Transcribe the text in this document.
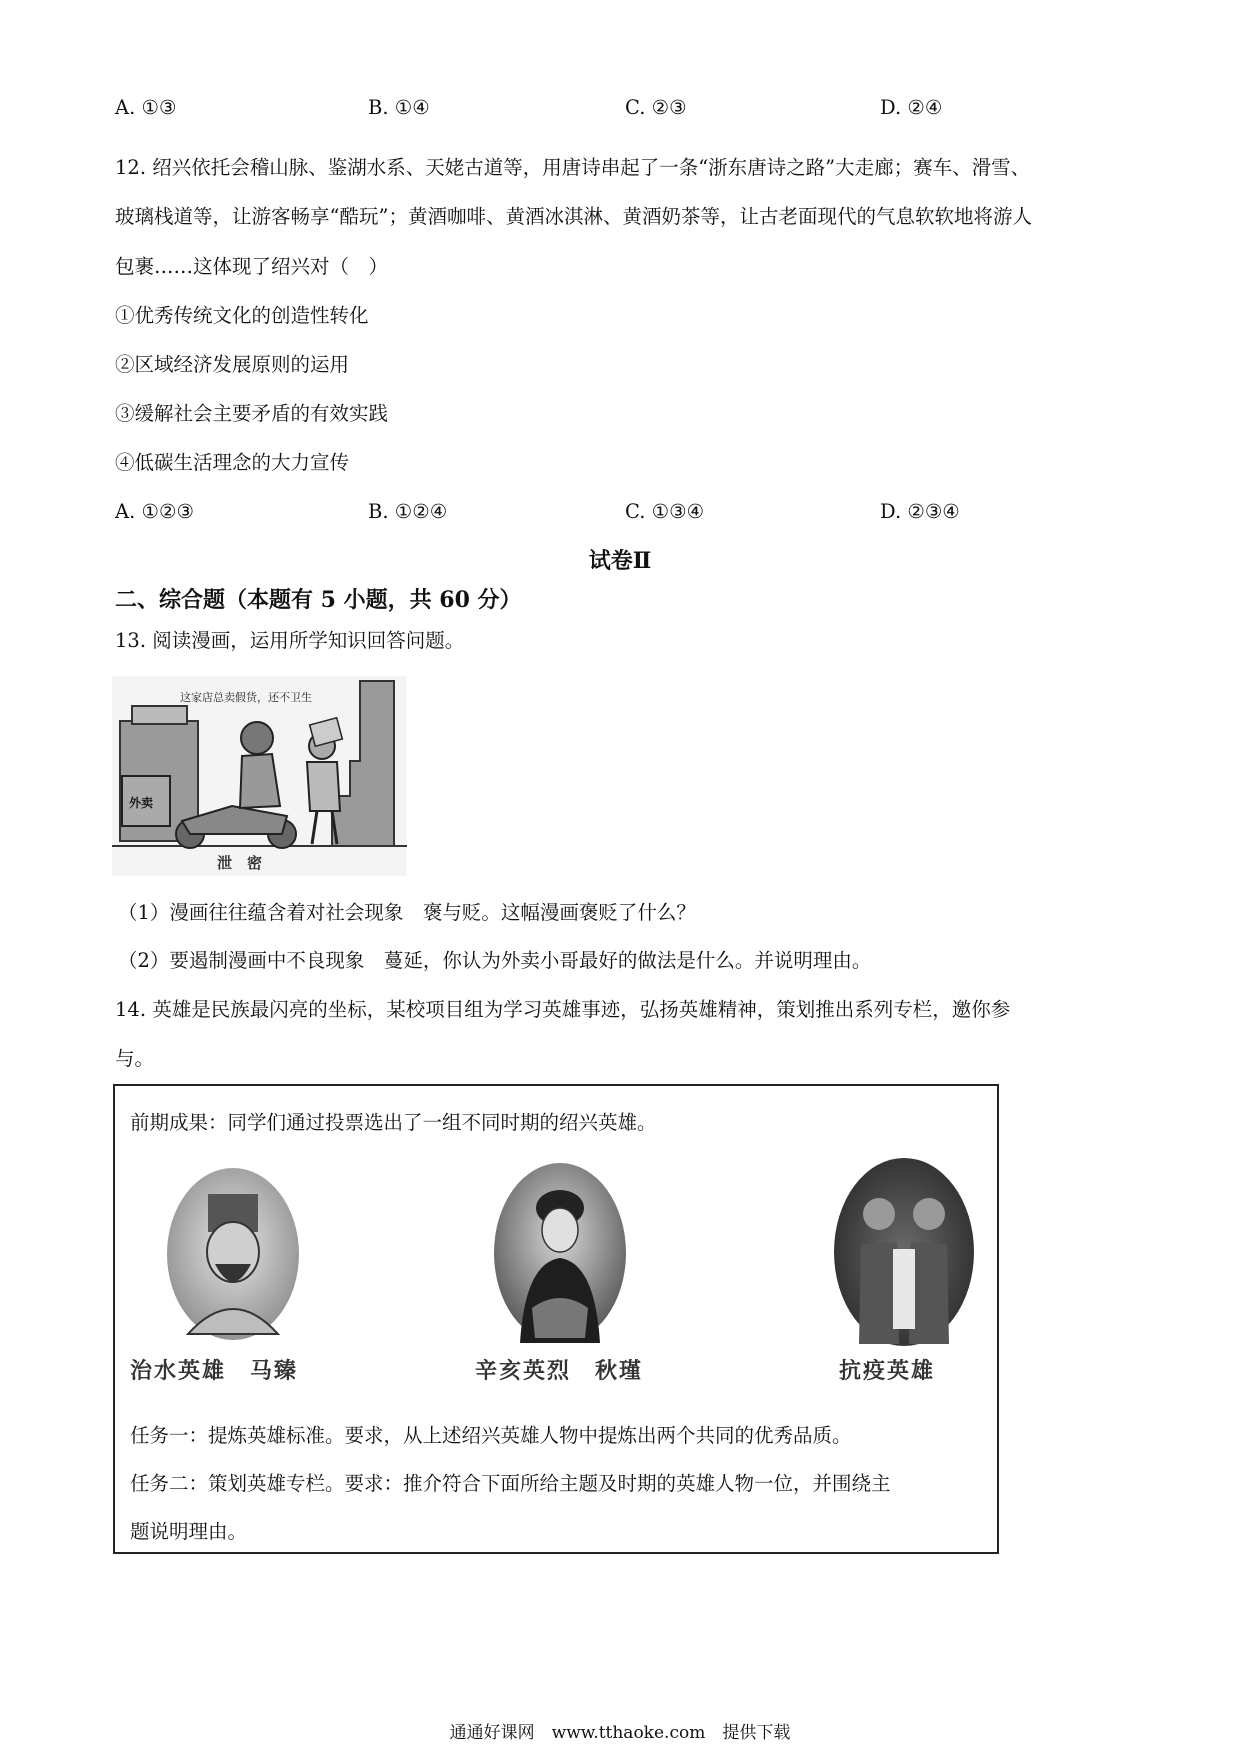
A. ①③	B. ①④	C. ②③	D. ②④
12. 绍兴依托会稽山脉、鉴湖水系、天姥古道等，用唐诗串起了一条“浙东唐诗之路”大走廊；赛车、滑雪、
玻璃栈道等，让游客畅享“酷玩”；黄酒咖啡、黄酒冰淇淋、黄酒奶茶等，让古老面现代的气息软软地将游人
包裹……这体现了绍兴对（　）
①优秀传统文化的创造性转化
②区域经济发展原则的运用
③缓解社会主要矛盾的有效实践
④低碳生活理念的大力宣传
A. ①②③	B. ①②④	C. ①③④	D. ②③④
试卷Ⅱ
二、综合题（本题有 5 小题，共 60 分）
13. 阅读漫画，运用所学知识回答问题。
这家店总卖假货，还不卫生
外卖
泄　密
（1）漫画往往蕴含着对社会现象　褒与贬。这幅漫画褒贬了什么？
（2）要遏制漫画中不良现象　蔓延，你认为外卖小哥最好的做法是什么。并说明理由。
14. 英雄是民族最闪亮的坐标，某校项目组为学习英雄事迹，弘扬英雄精神，策划推出系列专栏，邀你参
与。
前期成果：同学们通过投票选出了一组不同时期的绍兴英雄。
治水英雄　马臻	辛亥英烈　秋瑾	抗疫英雄
任务一：提炼英雄标准。要求，从上述绍兴英雄人物中提炼出两个共同的优秀品质。
任务二：策划英雄专栏。要求：推介符合下面所给主题及时期的英雄人物一位，并围绕主
题说明理由。
通通好课网　www.tthaoke.com　提供下载
